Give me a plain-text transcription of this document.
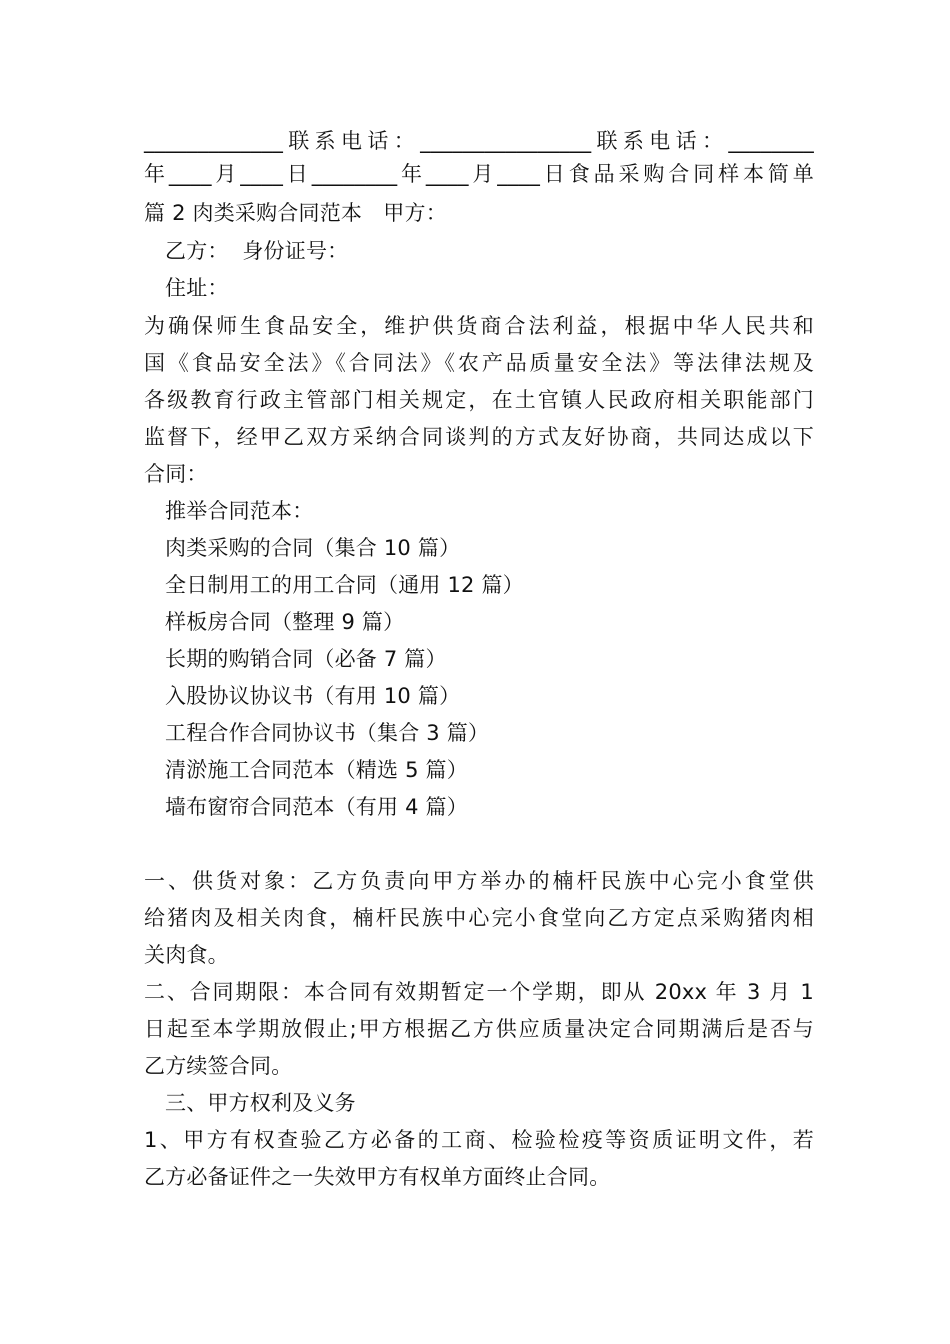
_____________联系电话：________________联系电话：________
年____月____日________年____月____日食品采购合同样本简单
篇 2 肉类采购合同范本　甲方：
乙方：  身份证号：
住址：
为确保师生食品安全，维护供货商合法利益，根据中华人民共和
国《食品安全法》《合同法》《农产品质量安全法》等法律法规及
各级教育行政主管部门相关规定，在土官镇人民政府相关职能部门
监督下，经甲乙双方采纳合同谈判的方式友好协商，共同达成以下
合同：
推举合同范本：
肉类采购的合同（集合 10 篇）
全日制用工的用工合同（通用 12 篇）
样板房合同（整理 9 篇）
长期的购销合同（必备 7 篇）
入股协议协议书（有用 10 篇）
工程合作合同协议书（集合 3 篇）
清淤施工合同范本（精选 5 篇）
墙布窗帘合同范本（有用 4 篇）
一、供货对象：乙方负责向甲方举办的楠杆民族中心完小食堂供
给猪肉及相关肉食，楠杆民族中心完小食堂向乙方定点采购猪肉相
关肉食。
二、合同期限：本合同有效期暂定一个学期，即从 20xx 年 3 月 1
日起至本学期放假止;甲方根据乙方供应质量决定合同期满后是否与
乙方续签合同。
三、甲方权利及义务
1、甲方有权查验乙方必备的工商、检验检疫等资质证明文件，若
乙方必备证件之一失效甲方有权单方面终止合同。
